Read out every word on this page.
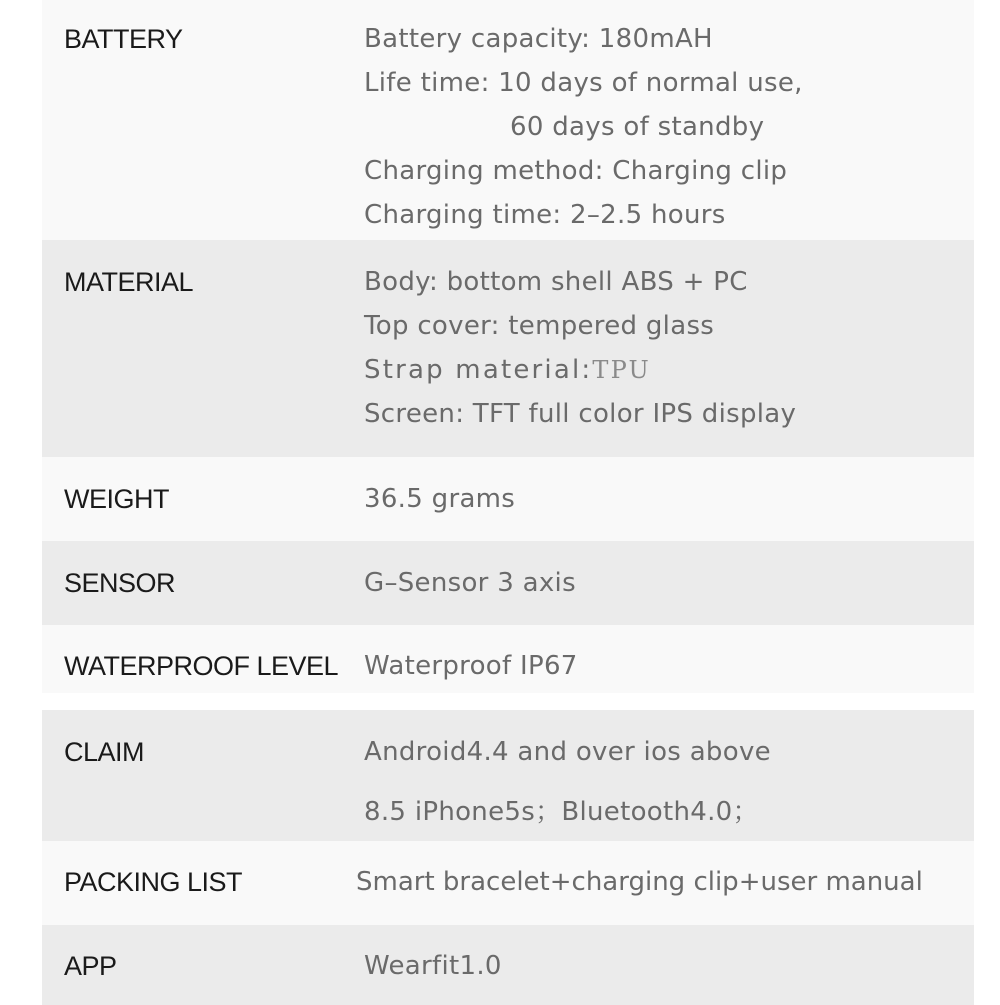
BATTERY	Battery capacity: 180mAH
Life time: 10 days of normal use,
60 days of standby
Charging method: Charging clip
Charging time: 2–2.5 hours
MATERIAL	Body: bottom shell ABS + PC
Top cover: tempered glass
Strap material:TPU
Screen: TFT full color IPS display
WEIGHT	36.5 grams
SENSOR	G–Sensor 3 axis
WATERPROOF LEVEL Waterproof IP67
CLAIM	Android4.4 and over ios above
8.5 iPhone5s；Bluetooth4.0；
PACKING LIST	Smart bracelet+charging clip+user manual
APP	Wearfit1.0
